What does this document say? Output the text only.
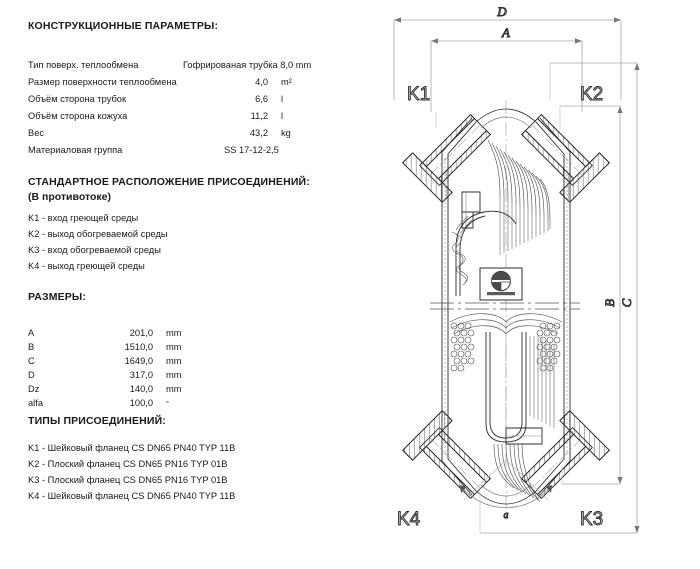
КОНСТРУКЦИОННЫЕ ПАРАМЕТРЫ:
Тип поверх. теплообмена	Гофрированая трубка 8,0 mm
Размер поверхности теплообмена	4,0 m²
Объём сторона трубок	6,6 l
Объём сторона кожуха	11,2 l
Вес	43,2 kg
Материаловая группа	SS 17-12-2,5
СТАНДАРТНОЕ РАСПОЛОЖЕНИЕ ПРИСОЕДИНЕНИЙ:
(В противотоке)
K1 - вход греющей среды
K2 - выход обогреваемой среды
K3 - вход обогреваемой среды
K4 - выход греющей среды
РАЗМЕРЫ:
A	201,0 mm
B	1510,0 mm
C	1649,0 mm
D	317,0 mm
Dz	140,0 mm
alfa	100,0 °
ТИПЫ ПРИСОЕДИНЕНИЙ:
K1 - Шейковый фланец CS DN65 PN40 TYP 11B
K2 - Плоский фланец CS DN65 PN16 TYP 01B
K3 - Плоский фланец CS DN65 PN16 TYP 01B
K4 - Шейковый фланец CS DN65 PN40 TYP 11B
D
A
C
B
K1	K2
K4	K3
a
